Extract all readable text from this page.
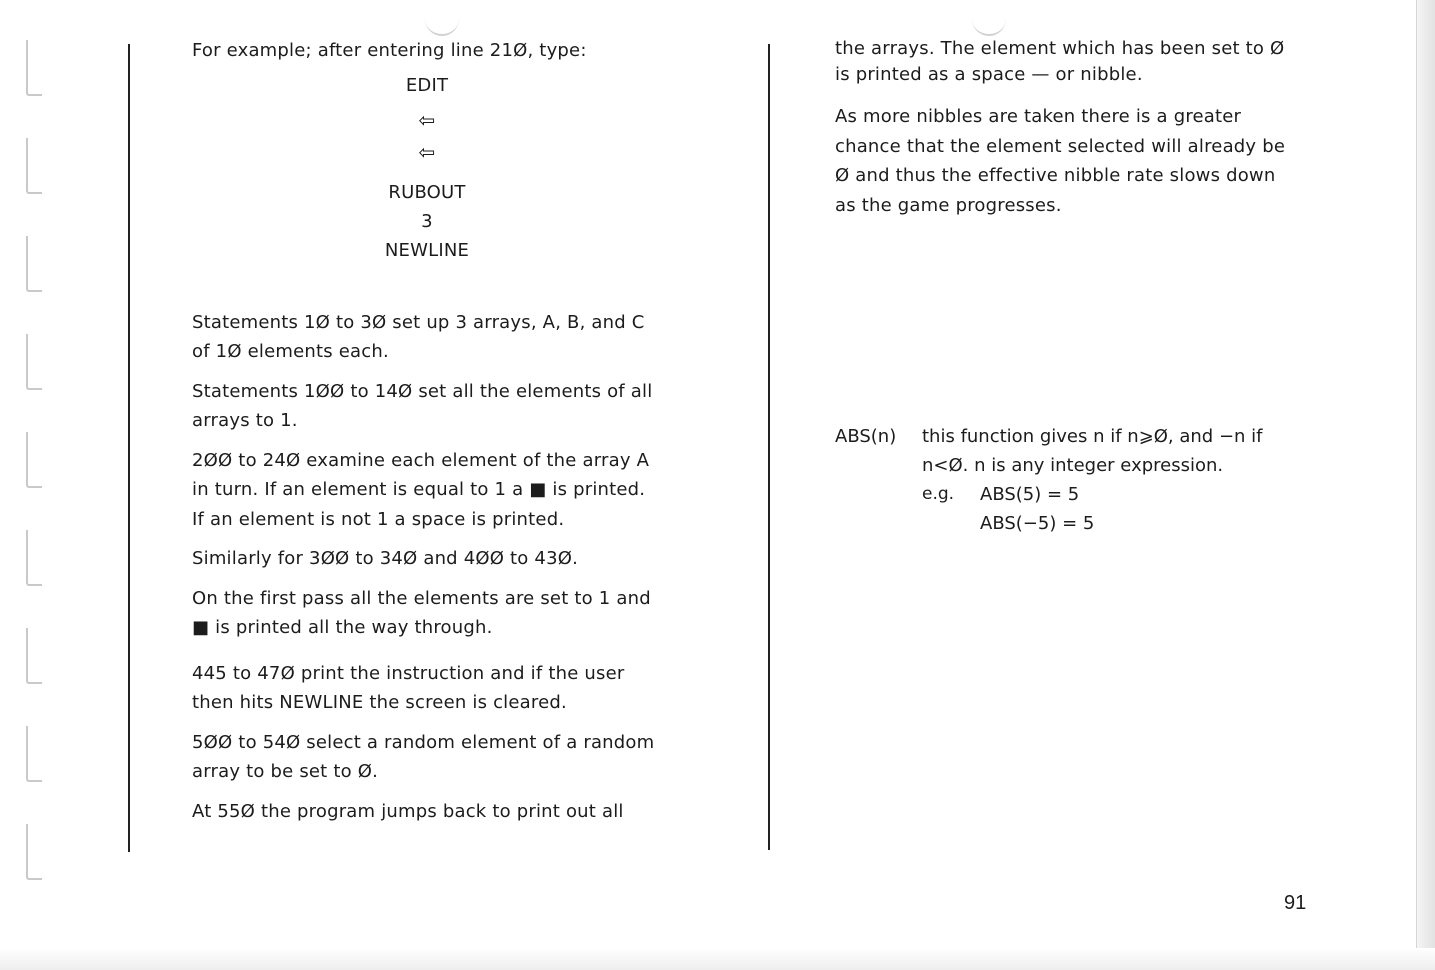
For example; after entering line 21Ø, type:

EDIT

⇦

⇦

RUBOUT

3

NEWLINE

Statements 1Ø to 3Ø set up 3 arrays, A, B, and C
of 1Ø elements each.

Statements 1ØØ to 14Ø set all the elements of all
arrays to 1.

2ØØ to 24Ø examine each element of the array A
in turn. If an element is equal to 1 a ■ is printed.
If an element is not 1 a space is printed.

Similarly for 3ØØ to 34Ø and 4ØØ to 43Ø.

On the first pass all the elements are set to 1 and
■ is printed all the way through.

445 to 47Ø print the instruction and if the user
then hits NEWLINE the screen is cleared.

5ØØ to 54Ø select a random element of a random
array to be set to Ø.

At 55Ø the program jumps back to print out all

the arrays. The element which has been set to Ø
is printed as a space — or nibble.

As more nibbles are taken there is a greater
chance that the element selected will already be
Ø and thus the effective nibble rate slows down
as the game progresses.

ABS(n) this function gives n if n⩾Ø, and −n if
n<Ø. n is any integer expression.
e.g. ABS(5) = 5
ABS(−5) = 5
91
